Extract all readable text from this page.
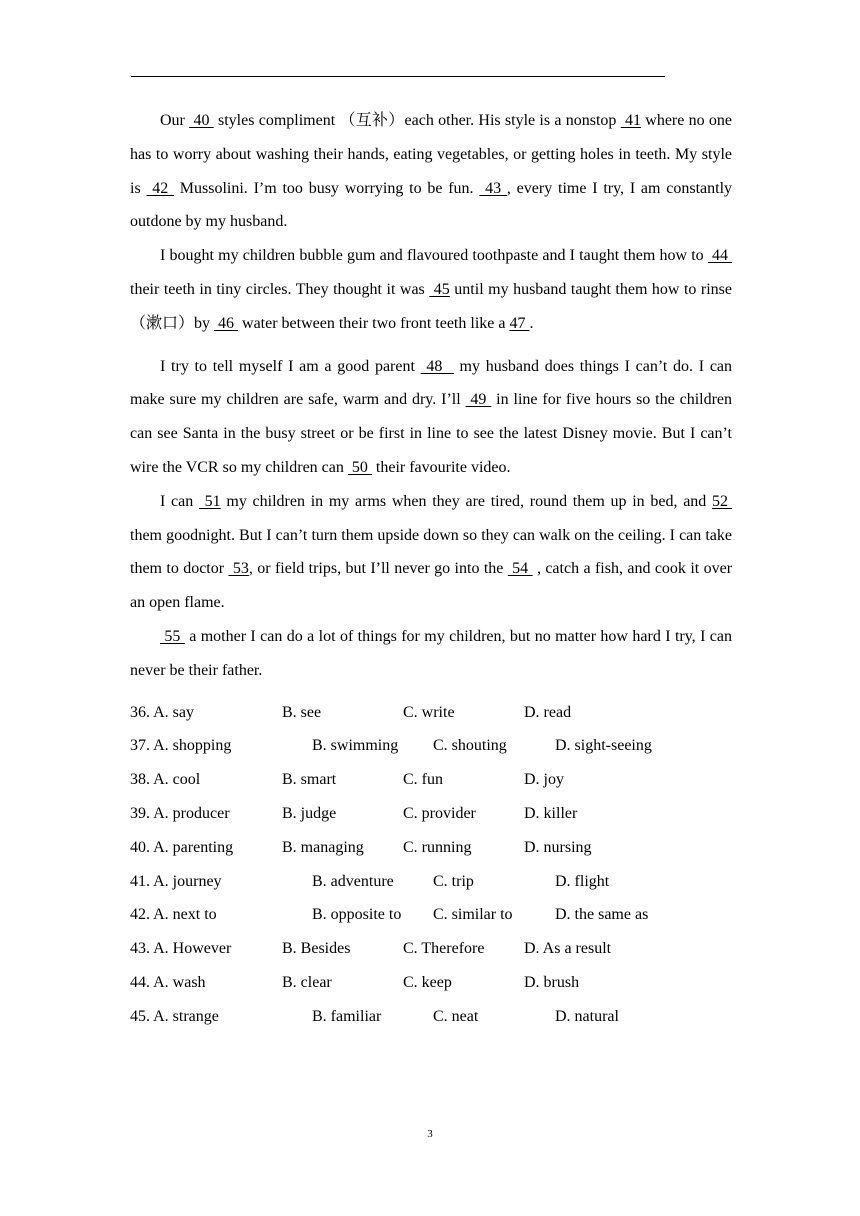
Our  40  styles compliment （互补）each other. His style is a nonstop  41 where no one has to worry about washing their hands, eating vegetables, or getting holes in teeth. My style is  42  Mussolini. I’m too busy worrying to be fun.  43 , every time I try, I am constantly outdone by my husband.

I bought my children bubble gum and flavoured toothpaste and I taught them how to  44  their teeth in tiny circles. They thought it was  45 until my husband taught them how to rinse（漱口）by  46  water between their two front teeth like a 47 .

I try to tell myself I am a good parent  48   my husband does things I can’t do. I can make sure my children are safe, warm and dry. I’ll  49  in line for five hours so the children can see Santa in the busy street or be first in line to see the latest Disney movie. But I can’t wire the VCR so my children can  50  their favourite video.

I can  51 my children in my arms when they are tired, round them up in bed, and 52  them goodnight. But I can’t turn them upside down so they can walk on the ceiling. I can take them to doctor  53, or field trips, but I’ll never go into the  54  , catch a fish, and cook it over an open flame.

55  a mother I can do a lot of things for my children, but no matter how hard I try, I can never be their father.

36. A. say	B. see	C. write	D. read
37. A. shopping	B. swimming C. shouting	D. sight-seeing
38. A. cool	B. smart	C. fun	D. joy
39. A. producer	B. judge	C. provider	D. killer
40. A. parenting	B. managing C. running	D. nursing
41. A. journey	B. adventure C. trip	D. flight
42. A. next to	B. opposite to C. similar to	D. the same as
43. A. However	B. Besides	C. Therefore D. As a result
44. A. wash	B. clear	C. keep	D. brush
45. A. strange	B. familiar	C. neat	D. natural
3
